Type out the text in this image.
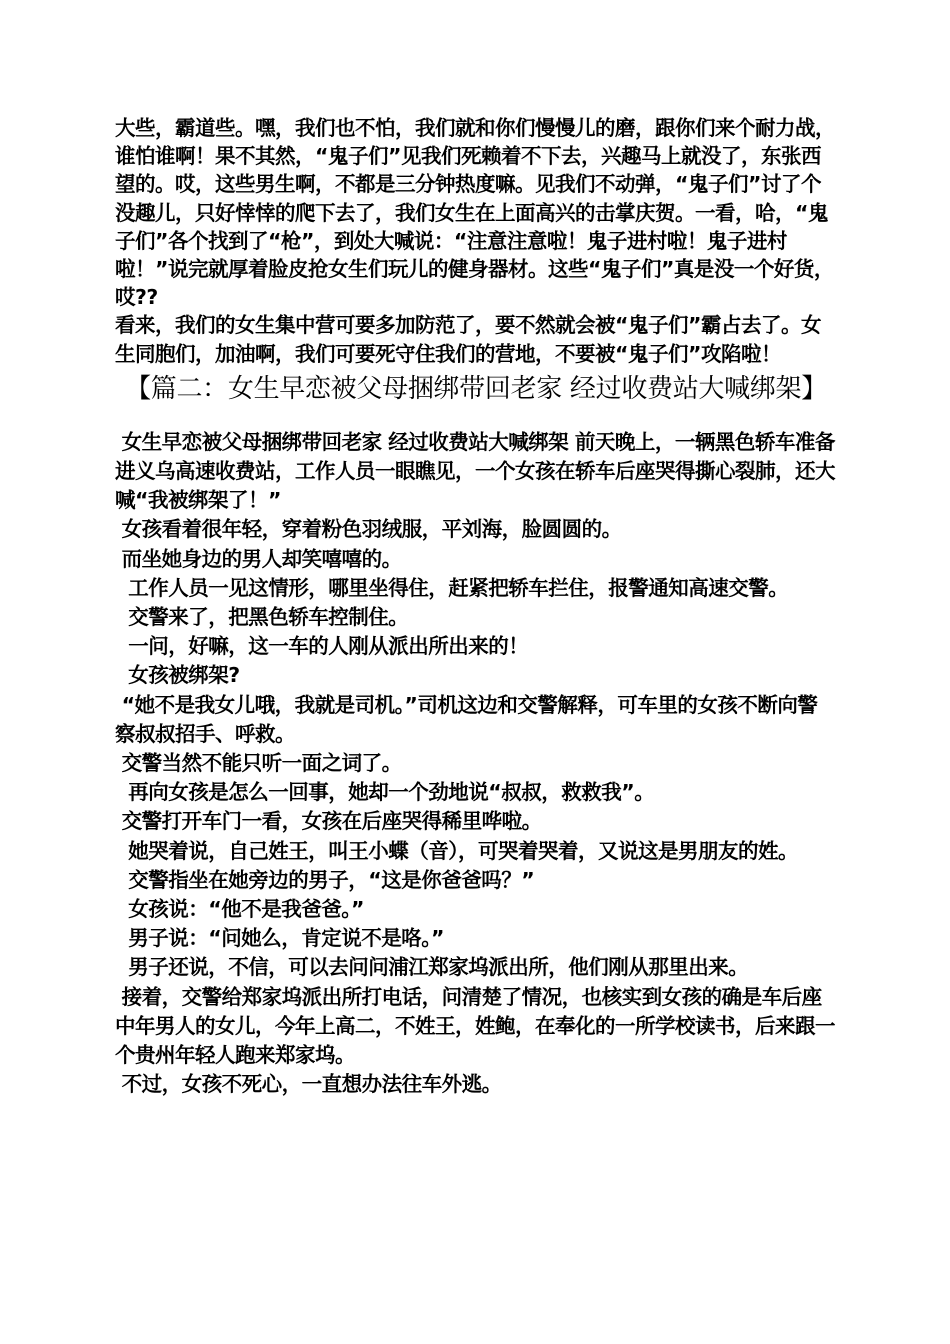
大些，霸道些。嘿，我们也不怕，我们就和你们慢慢儿的磨，跟你们来个耐力战，谁怕谁啊！果不其然，“鬼子们”见我们死赖着不下去，兴趣马上就没了，东张西望的。哎，这些男生啊，不都是三分钟热度嘛。见我们不动弹，“鬼子们”讨了个没趣儿，只好悻悻的爬下去了，我们女生在上面高兴的击掌庆贺。一看，哈，“鬼子们”各个找到了“枪”，到处大喊说：“注意注意啦！鬼子进村啦！鬼子进村啦！”说完就厚着脸皮抢女生们玩儿的健身器材。这些“鬼子们”真是没一个好货，哎??

看来，我们的女生集中营可要多加防范了，要不然就会被“鬼子们”霸占去了。女生同胞们，加油啊，我们可要死守住我们的营地，不要被“鬼子们”攻陷啦！

【篇二：女生早恋被父母捆绑带回老家 经过收费站大喊绑架】

女生早恋被父母捆绑带回老家 经过收费站大喊绑架 前天晚上，一辆黑色轿车准备进义乌高速收费站，工作人员一眼瞧见，一个女孩在轿车后座哭得撕心裂肺，还大喊“我被绑架了！”

女孩看着很年轻，穿着粉色羽绒服，平刘海，脸圆圆的。

而坐她身边的男人却笑嘻嘻的。

工作人员一见这情形，哪里坐得住，赶紧把轿车拦住，报警通知高速交警。

交警来了，把黑色轿车控制住。

一问，好嘛，这一车的人刚从派出所出来的！

女孩被绑架?

“她不是我女儿哦，我就是司机。”司机这边和交警解释，可车里的女孩不断向警察叔叔招手、呼救。

交警当然不能只听一面之词了。

再向女孩是怎么一回事，她却一个劲地说“叔叔，救救我”。

交警打开车门一看，女孩在后座哭得稀里哗啦。

她哭着说，自己姓王，叫王小蝶（音），可哭着哭着，又说这是男朋友的姓。

交警指坐在她旁边的男子，“这是你爸爸吗？”

女孩说：“他不是我爸爸。”

男子说：“问她么，肯定说不是咯。”

男子还说，不信，可以去问问浦江郑家坞派出所，他们刚从那里出来。

接着，交警给郑家坞派出所打电话，问清楚了情况，也核实到女孩的确是车后座中年男人的女儿，今年上高二，不姓王，姓鲍，在奉化的一所学校读书，后来跟一个贵州年轻人跑来郑家坞。

不过，女孩不死心，一直想办法往车外逃。
